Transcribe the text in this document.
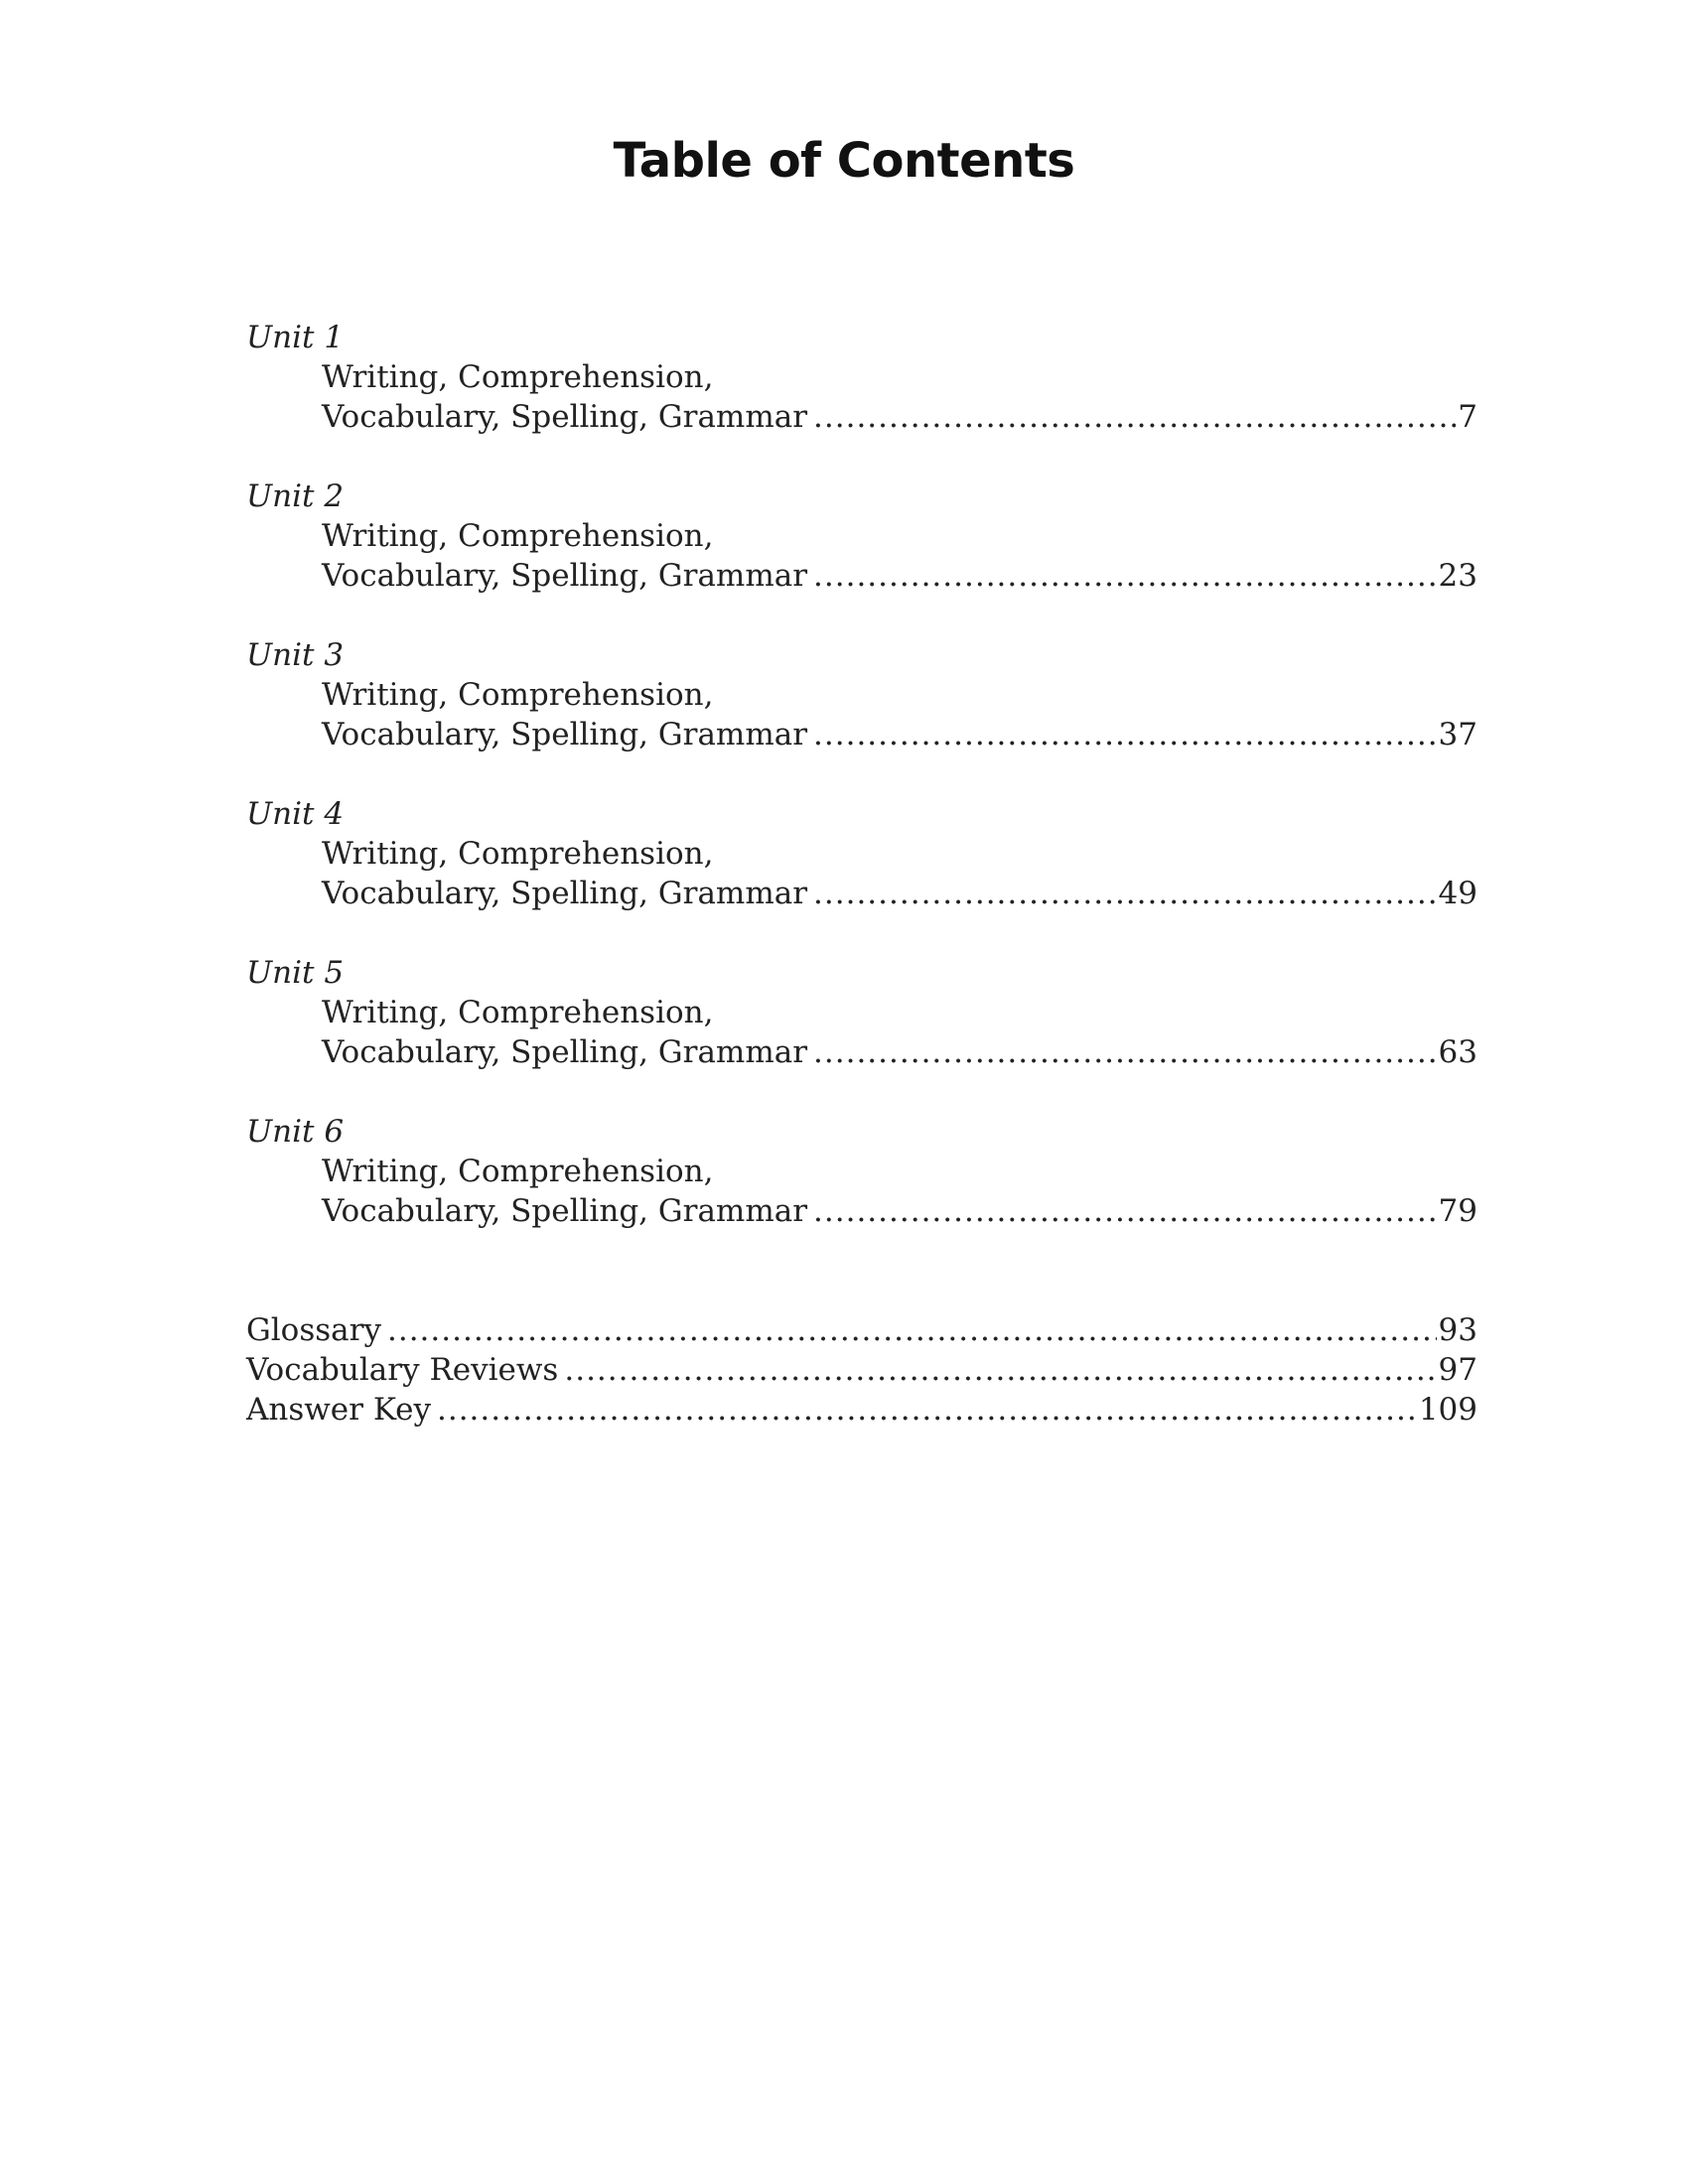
Table of Contents
Unit 1
Writing, Comprehension,
Vocabulary, Spelling, Grammar .....	7
Unit 2
Writing, Comprehension,
Vocabulary, Spelling, Grammar .....	23
Unit 3
Writing, Comprehension,
Vocabulary, Spelling, Grammar .....	37
Unit 4
Writing, Comprehension,
Vocabulary, Spelling, Grammar .....	49
Unit 5
Writing, Comprehension,
Vocabulary, Spelling, Grammar .....	63
Unit 6
Writing, Comprehension,
Vocabulary, Spelling, Grammar .....	79
Glossary .....	93
Vocabulary Reviews .....	97
Answer Key .....	109
